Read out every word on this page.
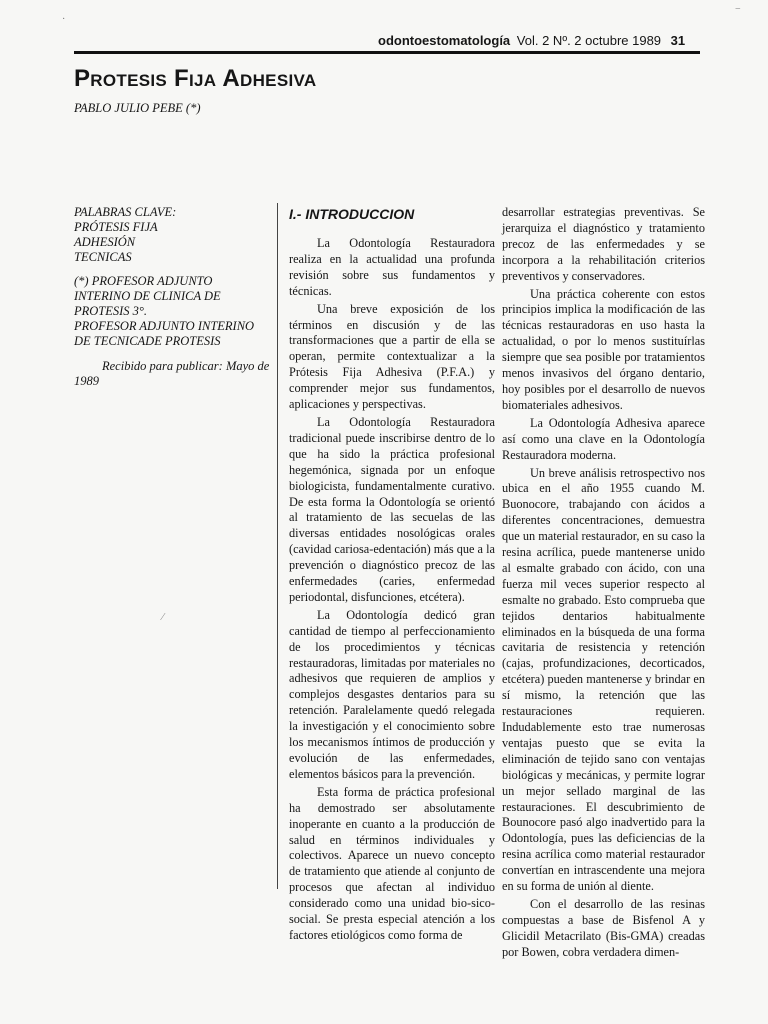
odontoestomatología Vol. 2 Nº. 2 octubre 1989 31
Protesis Fija Adhesiva
PABLO JULIO PEBE (*)

PALABRAS CLAVE:

PRÓTESIS FIJA

ADHESIÓN

TECNICAS

(*) PROFESOR ADJUNTO

INTERINO DE CLINICA DE

PROTESIS 3°.

PROFESOR ADJUNTO INTERINO

DE TECNICADE PROTESIS

Recibido para publicar: Mayo de 1989

I.- INTRODUCCION

La Odontología Restauradora realiza en la actualidad una profunda revisión sobre sus fundamentos y técnicas.

Una breve exposición de los términos en discusión y de las transformaciones que a partir de ella se operan, permite contextualizar a la Prótesis Fija Adhesiva (P.F.A.) y comprender mejor sus fundamentos, aplicaciones y perspectivas.

La Odontología Restauradora tradicional puede inscribirse dentro de lo que ha sido la práctica profesional hegemónica, signada por un enfoque biologicista, fundamentalmente curativo. De esta forma la Odontología se orientó al tratamiento de las secuelas de las diversas entidades nosológicas orales (cavidad cariosa-edentación) más que a la prevención o diagnóstico precoz de las enfermedades (caries, enfermedad periodontal, disfunciones, etcétera).

La Odontología dedicó gran cantidad de tiempo al perfeccionamiento de los procedimientos y técnicas restauradoras, limitadas por materiales no adhesivos que requieren de amplios y complejos desgastes dentarios para su retención. Paralelamente quedó relegada la investigación y el conocimiento sobre los mecanismos íntimos de producción y evolución de las enfermedades, elementos básicos para la prevención.

Esta forma de práctica profesional ha demostrado ser absolutamente inoperante en cuanto a la producción de salud en términos individuales y colectivos. Aparece un nuevo concepto de tratamiento que atiende al conjunto de procesos que afectan al individuo considerado como una unidad bio-sico-social. Se presta especial atención a los factores etiológicos como forma de

desarrollar estrategias preventivas. Se jerarquiza el diagnóstico y tratamiento precoz de las enfermedades y se incorpora a la rehabilitación criterios preventivos y conservadores.

Una práctica coherente con estos principios implica la modificación de las técnicas restauradoras en uso hasta la actualidad, o por lo menos sustituírlas siempre que sea posible por tratamientos menos invasivos del órgano dentario, hoy posibles por el desarrollo de nuevos biomateriales adhesivos.

La Odontología Adhesiva aparece así como una clave en la Odontología Restauradora moderna.

Un breve análisis retrospectivo nos ubica en el año 1955 cuando M. Buonocore, trabajando con ácidos a diferentes concentraciones, demuestra que un material restaurador, en su caso la resina acrílica, puede mantenerse unido al esmalte grabado con ácido, con una fuerza mil veces superior respecto al esmalte no grabado. Esto comprueba que tejidos dentarios habitualmente eliminados en la búsqueda de una forma cavitaria de resistencia y retención (cajas, profundizaciones, decorticados, etcétera) pueden mantenerse y brindar en sí mismo, la retención que las restauraciones requieren. Indudablemente esto trae numerosas ventajas puesto que se evita la eliminación de tejido sano con ventajas biológicas y mecánicas, y permite lograr un mejor sellado marginal de las restauraciones. El descubrimiento de Bounocore pasó algo inadvertido para la Odontología, pues las deficiencias de la resina acrílica como material restaurador convertían en intrascendente una mejora en su forma de unión al diente.

Con el desarrollo de las resinas compuestas a base de Bisfenol A y Glicidil Metacrilato (Bis-GMA) creadas por Bowen, cobra verdadera dimen-

·
−
⁄
